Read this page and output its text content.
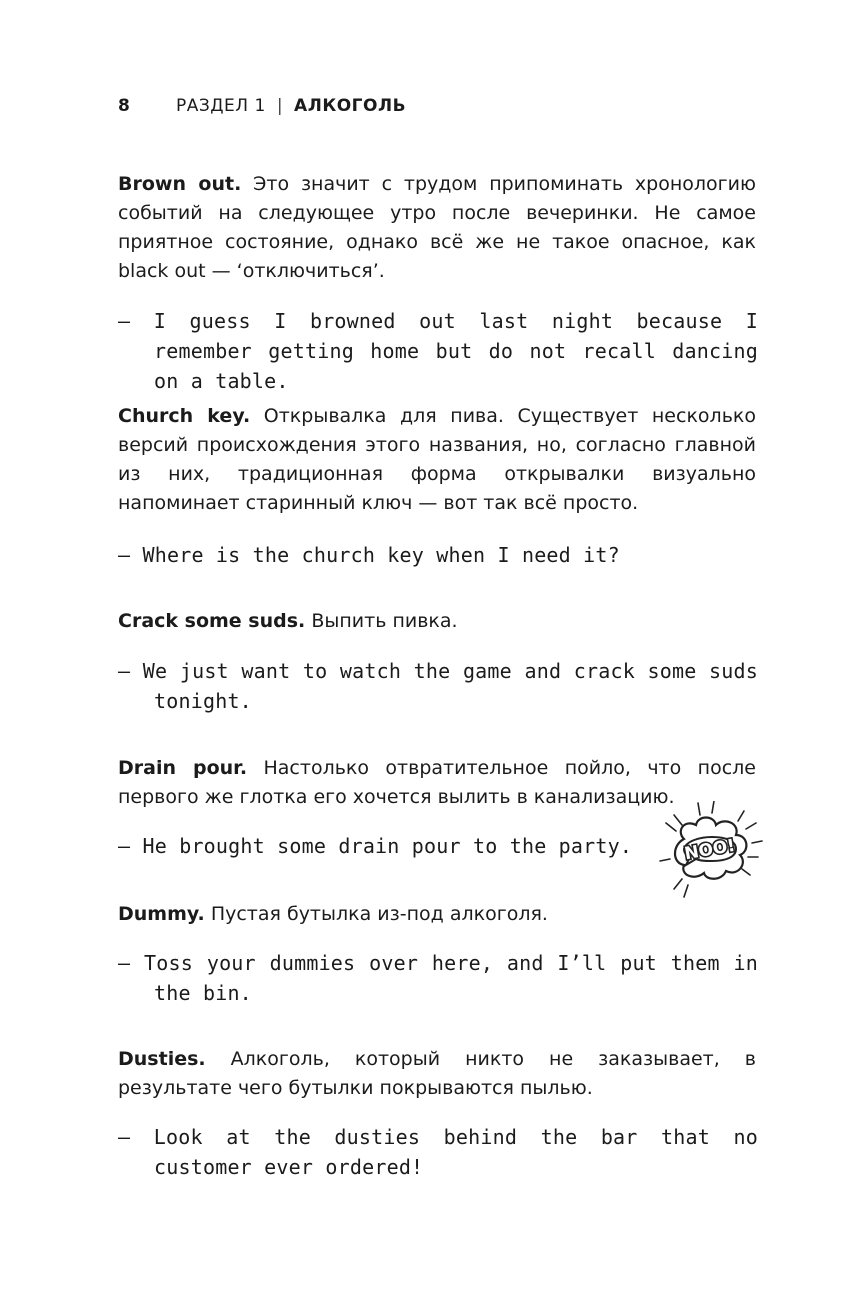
8	РАЗДЕЛ 1 | АЛКОГОЛЬ

Brown out. Это значит с трудом припоминать хронологию событий на следующее утро после вечеринки. Не самое приятное состояние, однако всё же не такое опасное, как black out — ‘отключиться’.

— I guess I browned out last night because I remember getting home but do not recall dancing on a table.

Church key. Открывалка для пива. Существует несколько версий происхождения этого названия, но, согласно главной из них, традиционная форма открывалки визуально напоминает старинный ключ — вот так всё просто.

— Where is the church key when I need it?

Crack some suds. Выпить пивка.

— We just want to watch the game and crack some suds tonight.

Drain pour. Настолько отвратительное пойло, что после первого же глотка его хочется вылить в канализацию.

— He brought some drain pour to the party.	NOO!

Dummy. Пустая бутылка из-под алкоголя.

— Toss your dummies over here, and I’ll put them in the bin.

Dusties. Алкоголь, который никто не заказывает, в результате чего бутылки покрываются пылью.

— Look at the dusties behind the bar that no customer ever ordered!
